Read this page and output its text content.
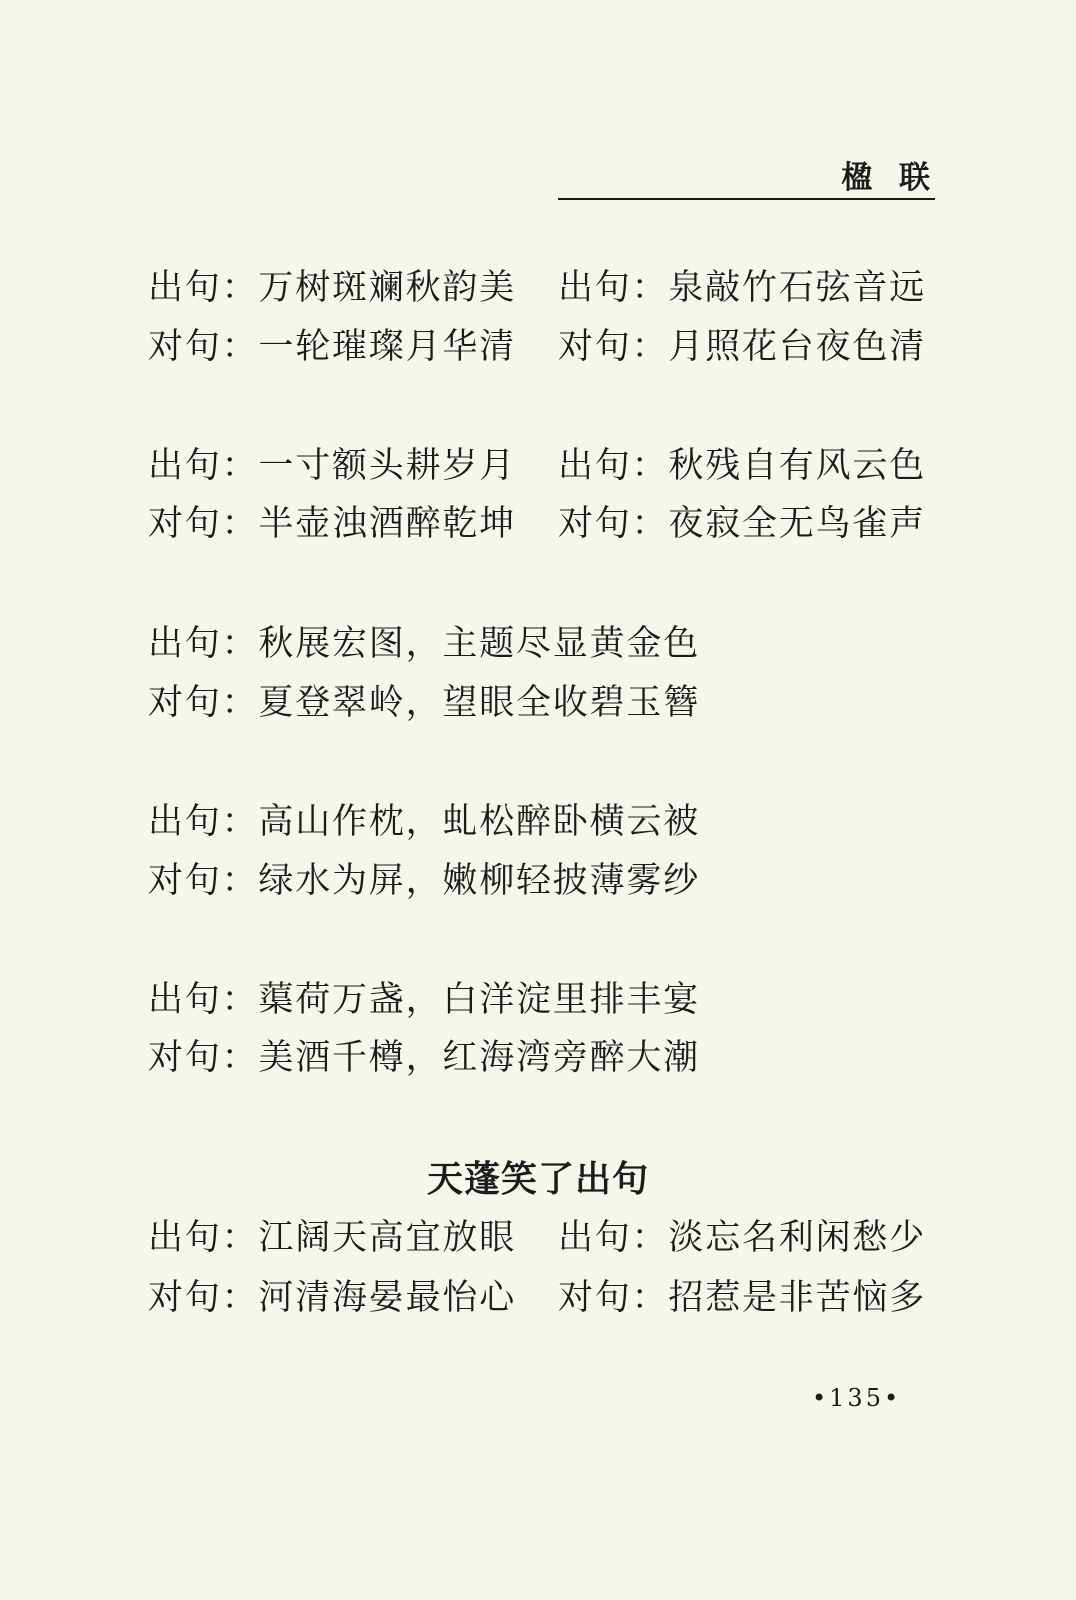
楹 联
出句：万树斑斓秋韵美 出句：泉敲竹石弦音远
对句：一轮璀璨月华清 对句：月照花台夜色清
出句：一寸额头耕岁月 出句：秋残自有风云色
对句：半壶浊酒醉乾坤 对句：夜寂全无鸟雀声
出句：秋展宏图，主题尽显黄金色
对句：夏登翠岭，望眼全收碧玉簪
出句：高山作枕，虬松醉卧横云被
对句：绿水为屏，嫩柳轻披薄雾纱
出句：蕖荷万盏，白洋淀里排丰宴
对句：美酒千樽，红海湾旁醉大潮
天蓬笑了出句
出句：江阔天高宜放眼 出句：淡忘名利闲愁少
对句：河清海晏最怡心 对句：招惹是非苦恼多
•135•
